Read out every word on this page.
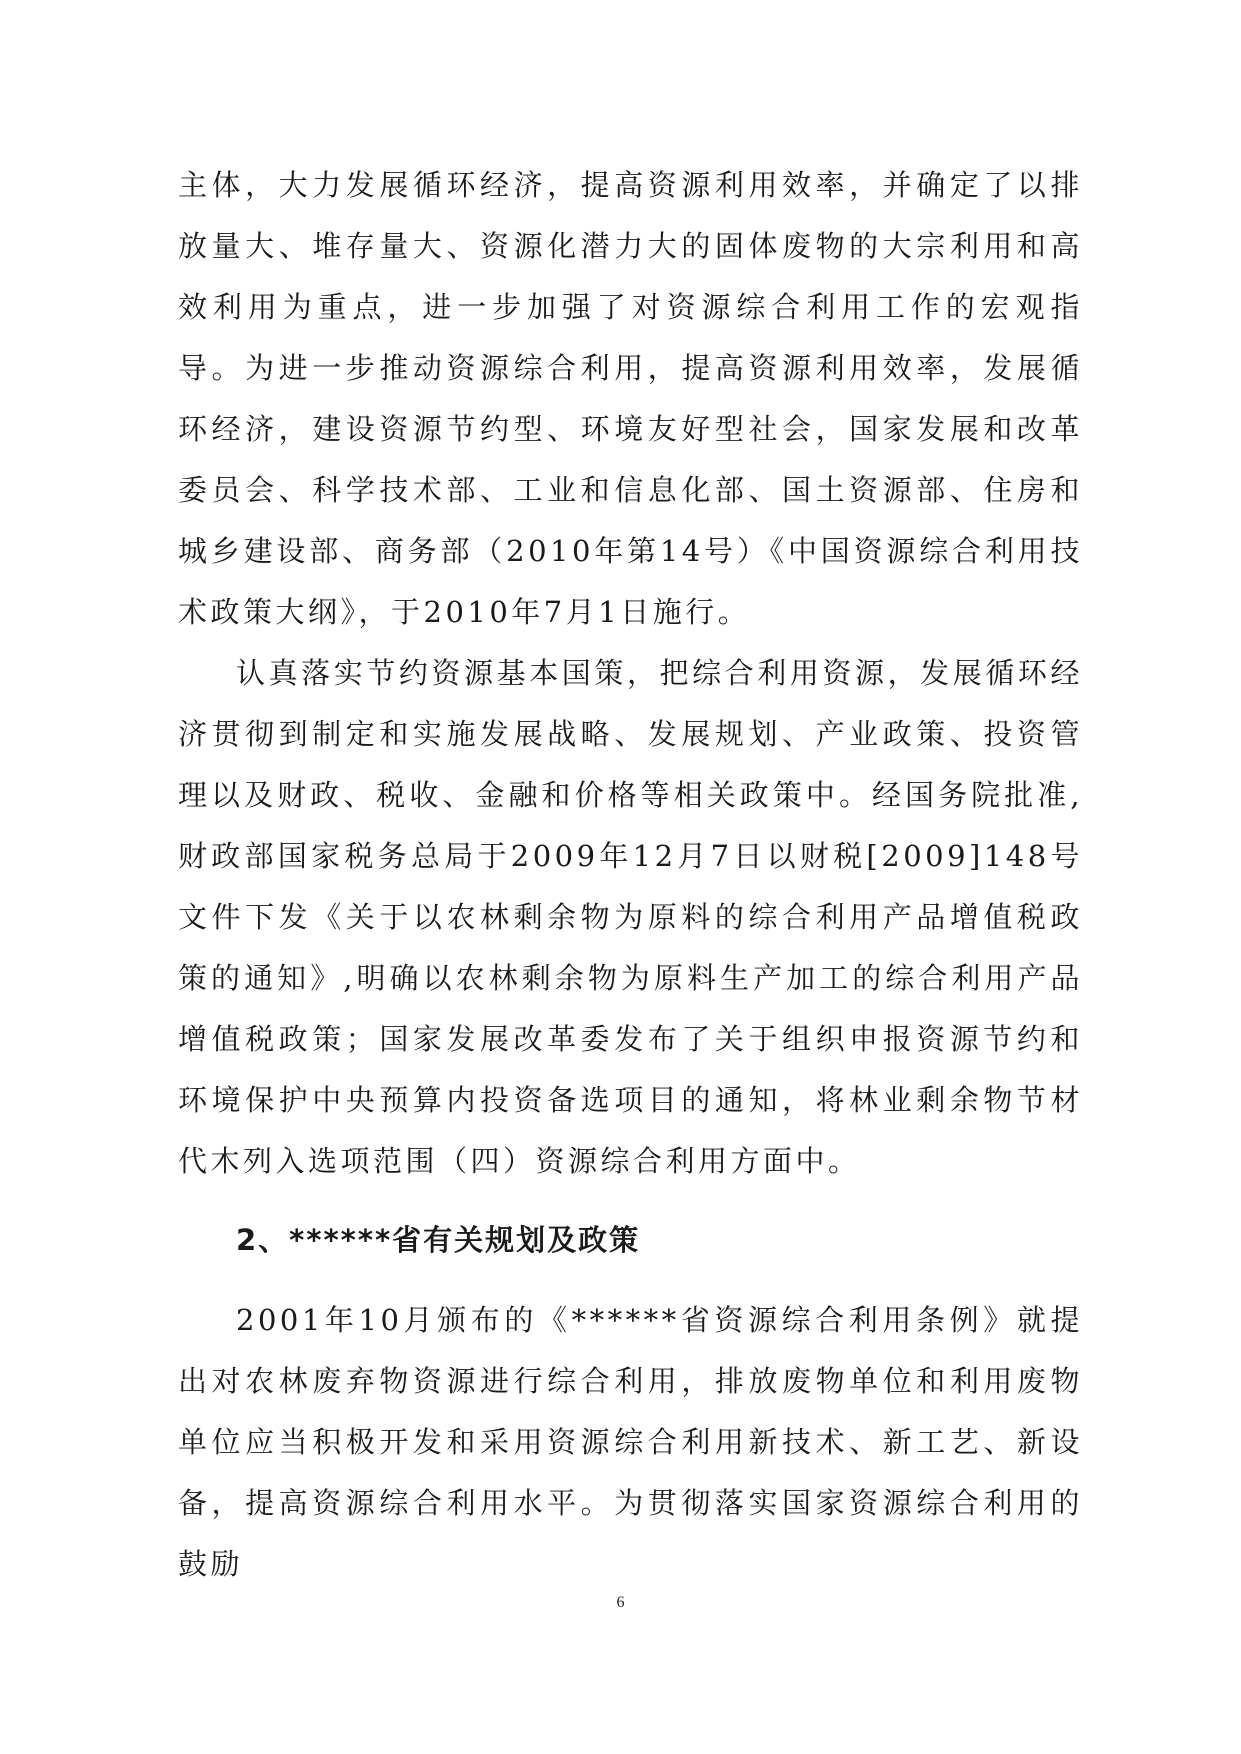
主体，大力发展循环经济，提高资源利用效率，并确定了以排放量大、堆存量大、资源化潜力大的固体废物的大宗利用和高效利用为重点，进一步加强了对资源综合利用工作的宏观指导。为进一步推动资源综合利用，提高资源利用效率，发展循环经济，建设资源节约型、环境友好型社会，国家发展和改革委员会、科学技术部、工业和信息化部、国土资源部、住房和城乡建设部、商务部（2010年第14号）《中国资源综合利用技术政策大纲》，于2010年7月1日施行。

认真落实节约资源基本国策，把综合利用资源，发展循环经济贯彻到制定和实施发展战略、发展规划、产业政策、投资管理以及财政、税收、金融和价格等相关政策中。经国务院批准,财政部国家税务总局于2009年12月7日以财税[2009]148号文件下发《关于以农林剩余物为原料的综合利用产品增值税政策的通知》,明确以农林剩余物为原料生产加工的综合利用产品增值税政策；国家发展改革委发布了关于组织申报资源节约和环境保护中央预算内投资备选项目的通知，将林业剩余物节材代木列入选项范围（四）资源综合利用方面中。

2、******省有关规划及政策

2001年10月颁布的《******省资源综合利用条例》就提出对农林废弃物资源进行综合利用，排放废物单位和利用废物单位应当积极开发和采用资源综合利用新技术、新工艺、新设备，提高资源综合利用水平。为贯彻落实国家资源综合利用的鼓励

6
